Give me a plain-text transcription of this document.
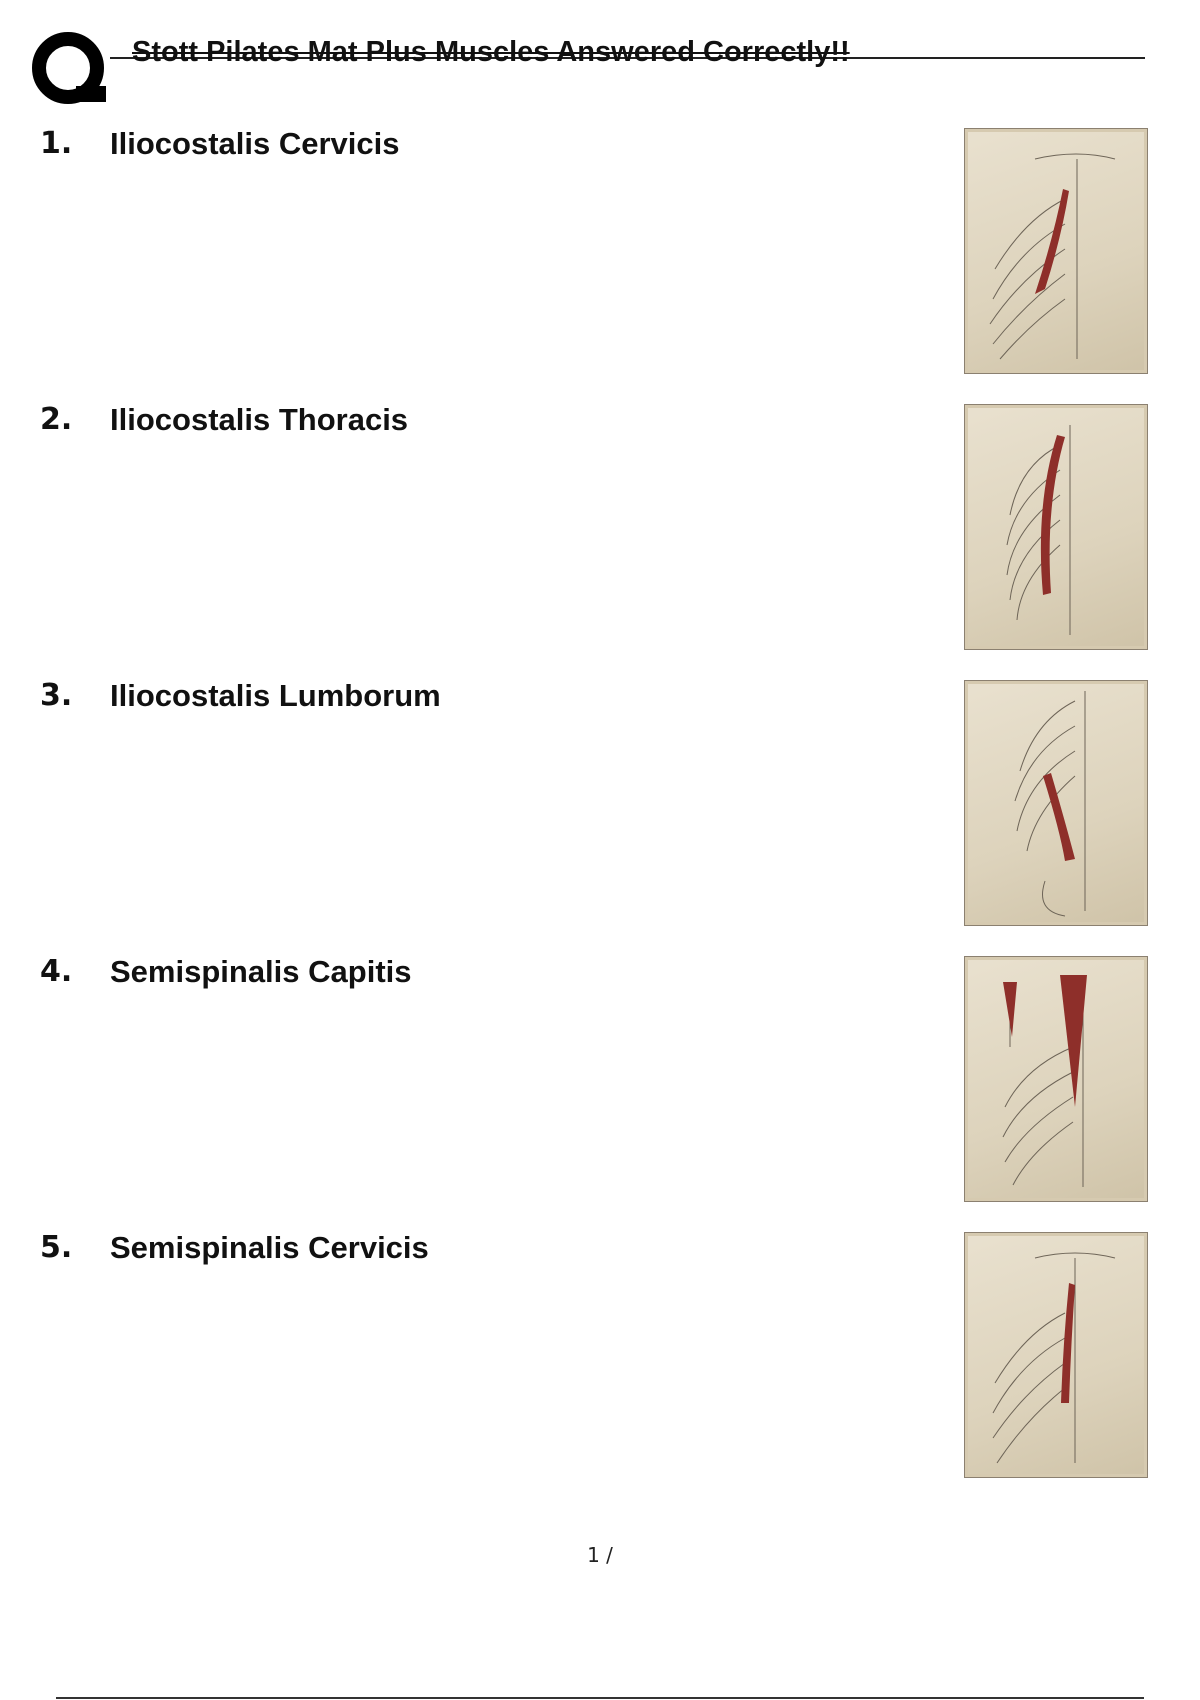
Stott Pilates Mat Plus Muscles Answered Correctly!!
1. Iliocostalis Cervicis
2. Iliocostalis Thoracis
3. Iliocostalis Lumborum
4. Semispinalis Capitis
5. Semispinalis Cervicis
1 /
